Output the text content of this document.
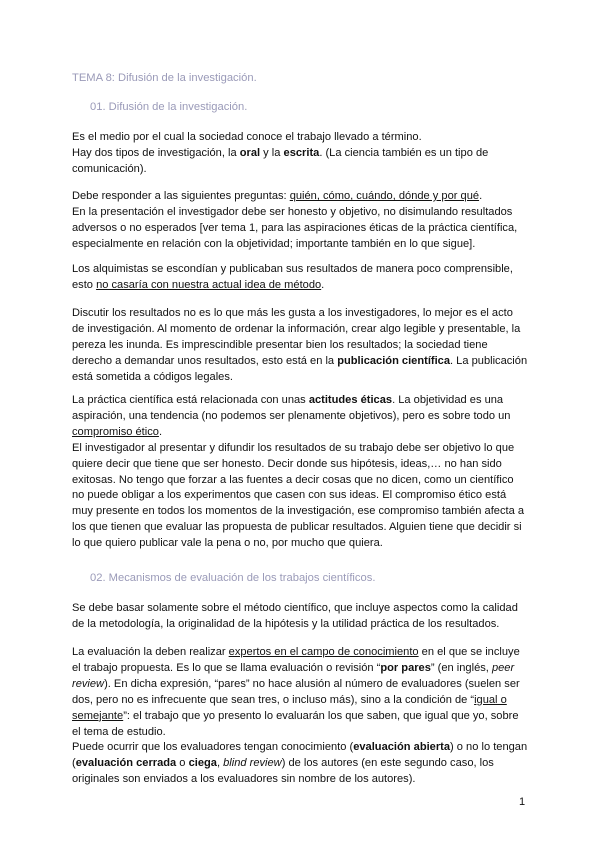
TEMA 8: Difusión de la investigación.
01. Difusión de la investigación.

Es el medio por el cual la sociedad conoce el trabajo llevado a término.
Hay dos tipos de investigación, la oral y la escrita. (La ciencia también es un tipo de
comunicación).

Debe responder a las siguientes preguntas: quién, cómo, cuándo, dónde y por qué.
En la presentación el investigador debe ser honesto y objetivo, no disimulando resultados
adversos o no esperados [ver tema 1, para las aspiraciones éticas de la práctica científica,
especialmente en relación con la objetividad; importante también en lo que sigue].

Los alquimistas se escondían y publicaban sus resultados de manera poco comprensible,
esto no casaría con nuestra actual idea de método.

Discutir los resultados no es lo que más les gusta a los investigadores, lo mejor es el acto
de investigación. Al momento de ordenar la información, crear algo legible y presentable, la
pereza les inunda. Es imprescindible presentar bien los resultados; la sociedad tiene
derecho a demandar unos resultados, esto está en la publicación científica. La publicación
está sometida a códigos legales.

La práctica científica está relacionada con unas actitudes éticas. La objetividad es una
aspiración, una tendencia (no podemos ser plenamente objetivos), pero es sobre todo un
compromiso ético.
El investigador al presentar y difundir los resultados de su trabajo debe ser objetivo lo que
quiere decir que tiene que ser honesto. Decir donde sus hipótesis, ideas,… no han sido
exitosas. No tengo que forzar a las fuentes a decir cosas que no dicen, como un científico
no puede obligar a los experimentos que casen con sus ideas. El compromiso ético está
muy presente en todos los momentos de la investigación, ese compromiso también afecta a
los que tienen que evaluar las propuesta de publicar resultados. Alguien tiene que decidir si
lo que quiero publicar vale la pena o no, por mucho que quiera.

02. Mecanismos de evaluación de los trabajos científicos.

Se debe basar solamente sobre el método científico, que incluye aspectos como la calidad
de la metodología, la originalidad de la hipótesis y la utilidad práctica de los resultados.

La evaluación la deben realizar expertos en el campo de conocimiento en el que se incluye
el trabajo propuesta. Es lo que se llama evaluación o revisión “por pares” (en inglés, peer
review). En dicha expresión, “pares” no hace alusión al número de evaluadores (suelen ser
dos, pero no es infrecuente que sean tres, o incluso más), sino a la condición de “igual o
semejante”: el trabajo que yo presento lo evaluarán los que saben, que igual que yo, sobre
el tema de estudio.
Puede ocurrir que los evaluadores tengan conocimiento (evaluación abierta) o no lo tengan
(evaluación cerrada o ciega, blind review) de los autores (en este segundo caso, los
originales son enviados a los evaluadores sin nombre de los autores).

1
